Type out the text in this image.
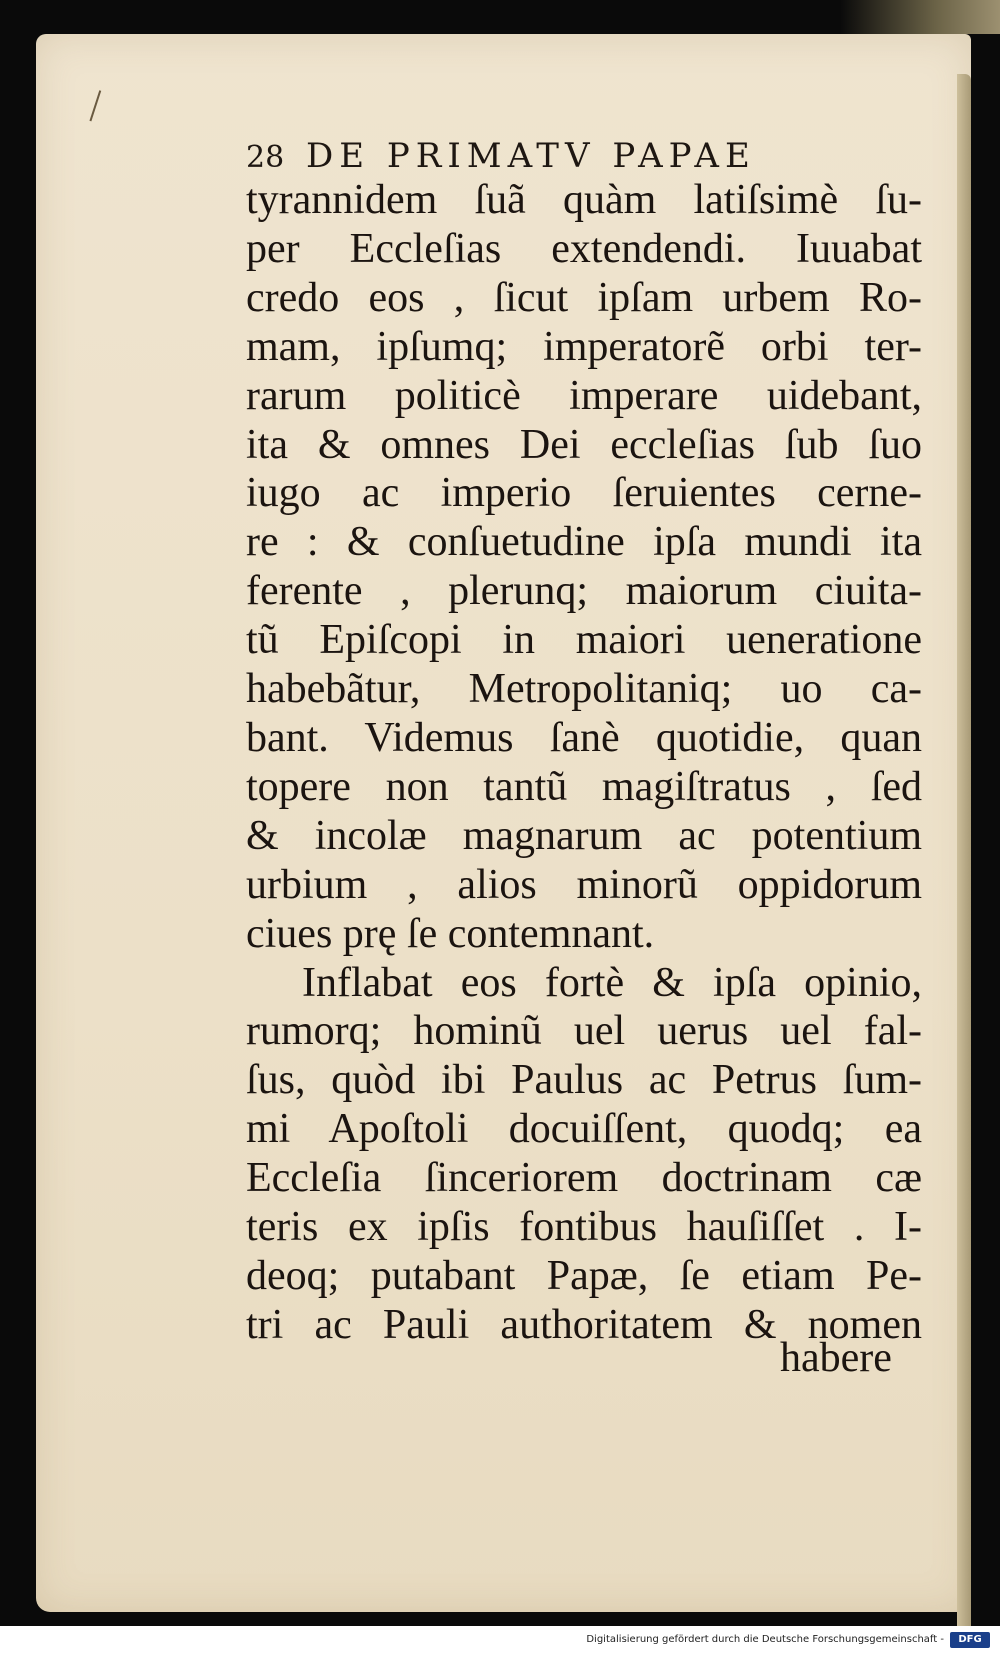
28 DE PRIMATV PAPAE
tyrannidem ſuã quàm latiſsimè ſu-
per Eccleſias extendendi. Iuuabat
credo eos , ſicut ipſam urbem Ro-
mam, ipſumq; imperatorẽ orbi ter-
rarum politicè imperare uidebant,
ita & omnes Dei eccleſias ſub ſuo
iugo ac imperio ſeruientes cerne-
re : & conſuetudine ipſa mundi ita
ferente , plerunq; maiorum ciuita-
tũ Epiſcopi in maiori ueneratione
habebãtur, Metropolitaniq; uo ca-
bant. Videmus ſanè quotidie, quan
topere non tantũ magiſtratus , ſed
& incolæ magnarum ac potentium
urbium , alios minorũ oppidorum
ciues prę ſe contemnant.
Inflabat eos fortè & ipſa opinio,
rumorq; hominũ uel uerus uel fal-
ſus, quòd ibi Paulus ac Petrus ſum-
mi Apoſtoli docuiſſent, quodq; ea
Eccleſia ſinceriorem doctrinam cæ
teris ex ipſis fontibus hauſiſſet . I-
deoq; putabant Papæ, ſe etiam Pe-
tri ac Pauli authoritatem & nomen
habere
Digitalisierung gefördert durch die Deutsche Forschungsgemeinschaft -	DFG
